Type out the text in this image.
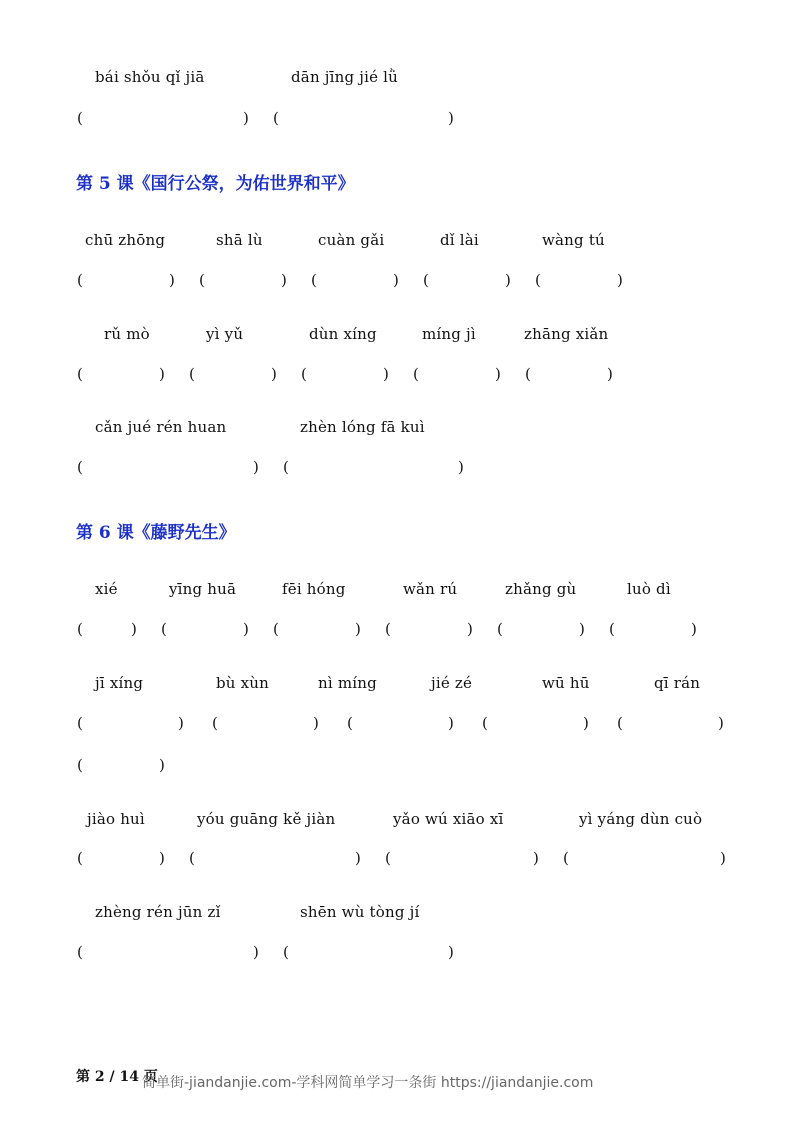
bái shǒu qǐ jiā	dān jīng jié lǜ
(	) (	)
第 5 课《国行公祭，为佑世界和平》
chū zhōng	shā lù	cuàn gǎi	dǐ lài	wàng tú
(	) (	) (	) (	) (	)
rǔ mò	yì yǔ	dùn xíng	míng jì	zhāng xiǎn
(	) (	) (	) (	) (	)
cǎn jué rén huan	zhèn lóng fā kuì
(	) (	)
第 6 课《藤野先生》
xié	yīng huā	fēi hóng	wǎn rú	zhǎng gù	luò dì
(	) (	) (	) (	) (	) (	)
jī xíng	bù xùn	nì míng	jié zé	wū hū	qī rán
(	) (	) (	) (	) (	)
(	)
jiào huì	yóu guāng kě jiàn	yǎo wú xiāo xī	yì yáng dùn cuò
(	) (	) (	) (	)
zhèng rén jūn zǐ	shēn wù tòng jí
(	) (	)
第 2 / 14 页
简单街-jiandanjie.com-学科网简单学习一条街 https://jiandanjie.com
